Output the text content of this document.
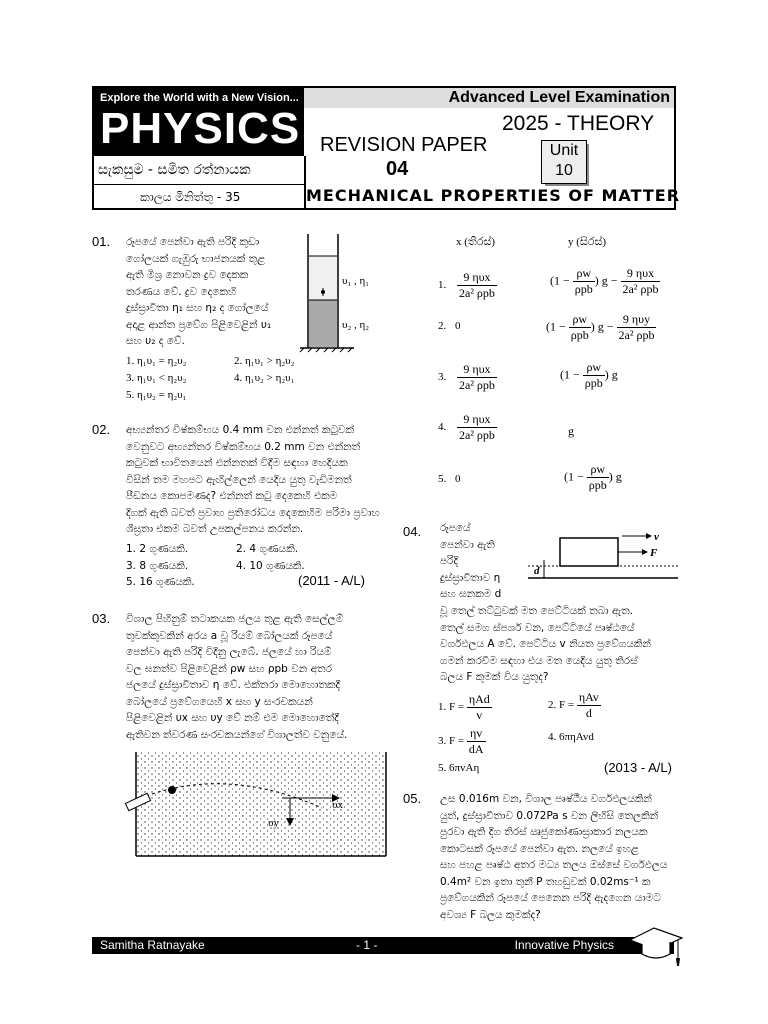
Explore the World with a New Vision...
PHYSICS
Advanced Level Examination
2025 - THEORY
REVISION PAPER
04
Unit
10
සැකසුම - සමිත රත්නායක
කාලය මිනිත්තු - 35	MECHANICAL PROPERTIES OF MATTER
01. රූපයේ පෙන්වා ඇති පරිදි කුඩා
ගෝලයක් ගැඹුරු භාජනයක් තුළ
ඇති මිශ්‍ර නොවන ද්‍රව දෙකක
තරණය වේ. ද්‍රව දෙකෙහි
දුස්ස්‍රාවීතා η₁ සහ η₂ ද ගෝලයේ
අදාළ ආන්ත ප්‍රවේග පිළිවෙළින් υ₁
සහ υ₂ ද වේ.
υ₁ , η₁
υ₂ , η₂
1. η₁υ₁ = η₂υ₂	2. η₁υ₁ > η₂υ₂
3. η₁υ₁ < η₂υ₂	4. η₁υ₂ > η₂υ₁
5. η₁υ₂ = η₂υ₁
02. අභ්‍යන්තර විෂ්කම්භය 0.4 mm වන එන්නත් කටුවක්
වෙනුවට අභ්‍යන්තර විෂ්කම්භය 0.2 mm වන එන්නත්
කටුවක් භාවිතයෙන් එන්නතක් විදීම සඳහා හෙදියක
විසින් තම මහපට ඇඟිල්ලෙන් යෙදිය යුතු වැඩිමනත්
පීඩනය කොපමණද? එන්නත් කටු දෙකෙහි එකම
දිගක් ඇති බවත් ප්‍රවාහ ප්‍රතිරෝධය දෙකෙහිම පරිමා ප්‍රවාහ
ශීඝ්‍රතා එකම බවත් උපකල්පනය කරන්න.
1. 2 ගුණයකි.	2. 4 ගුණයකි.
3. 8 ගුණයකි.	4. 10 ගුණයකි.
5. 16 ගුණයකි.	(2011 - A/L)
03. විශාල පිහිනුම් තටාකයක ජලය තුළ ඇති සෙල්ලම්
තුවක්කුවකින් අරය a වූ රියම් බෝලයක් රූපයේ
පෙන්වා ඇති පරිදි විදිනු ලැබේ. ජලයේ හා රියම්
වල ඝනත්ව පිළිවෙළින් ρw සහ ρpb වන අතර
ජලයේ දුස්ස්‍රාවීතාව η වේ. එක්තරා මොහොතකදී
බෝලයේ ප්‍රවේගයෙහි x සහ y සංරචකයන්
පිළිවෙළින් υx සහ υy වේ නම් එම මොහොතේදී
ඇතිවන ත්වරණ සංරචකයන්ගේ විශාලත්ව වනුයේ.
υx
υy
x (තිරස්)	y (සිරස්)
1. $\frac{\text{9 ηυx}}{\text{2a² ρpb}}$	($1 - \frac{\rho w}{\text{ρpb}}$ ) $g - \frac{\text{9 ηυx}}{\text{2a² ρpb}}$
2. 0	($1 - \frac{\rho w}{\text{ρpb}}$ ) $g - \frac{\text{9 ηυy}}{\text{2a² ρpb}}$
3. $\frac{\text{9 ηυx}}{\text{2a² ρpb}}$	($1 - \frac{\rho w}{\text{ρpb}}$ ) g
4. $\frac{\text{9 ηυx}}{\text{2a² ρpb}}$	g
5. 0	($1 - \frac{\rho w}{\text{ρpb}}$ ) g
04. රූපයේ
පෙන්වා ඇති
පරිදි
දුස්ස්‍රාවීතාව η
සහ ඝනකම d
v
F
d
වූ තෙල් තට්ටුවක් මත පෙට්ටියක් තබා ඇත.
තෙල් සමග ස්පර්ශ වන, පෙට්ටියේ පෘෂ්ඨයේ
වර්ගඵලය A වේ. පෙට්ටිය v නියත ප්‍රවේගයකින්
ගමන් කරවීම සඳහා එය මත යෙදිය යුතු තිරස්
බලය F කුමක් විය යුතුද?
1. $F = \frac{\text{ηAd}}{v}$	2. $F = \frac{\text{ηAv}}{d}$
3. $F = \frac{\eta v}{dA}$	4. 6πηAvd
5. 6πvAη	(2013 - A/L)
05. උස 0.016m වන, විශාල පෘෂ්ඨීය වර්ගඵලයකින්
යුත්, දුස්ස්‍රාවීතාව 0.072Pa s වන ලිහිසි තෙලකින්
පුරවා ඇති දිග තිරස් ඍජුකෝණාස්‍රාකාර නලයක
කොටසක් රූපයේ පෙන්වා ඇත. නලයේ ඉහළ
සහ පහළ පෘෂ්ඨ අතර මධ්‍ය තලය ඔස්සේ වර්ගඵලය
0.4m² වන ඉතා තුනී P තහඩුවක් 0.02ms⁻¹ ක
ප්‍රවේගයකින් රූපයේ පෙනෙන පරිදි ඇදගෙන යාමට
අවශ්‍ය F බලය කුමක්ද?
Samitha Ratnayake	- 1 -	Innovative Physics
